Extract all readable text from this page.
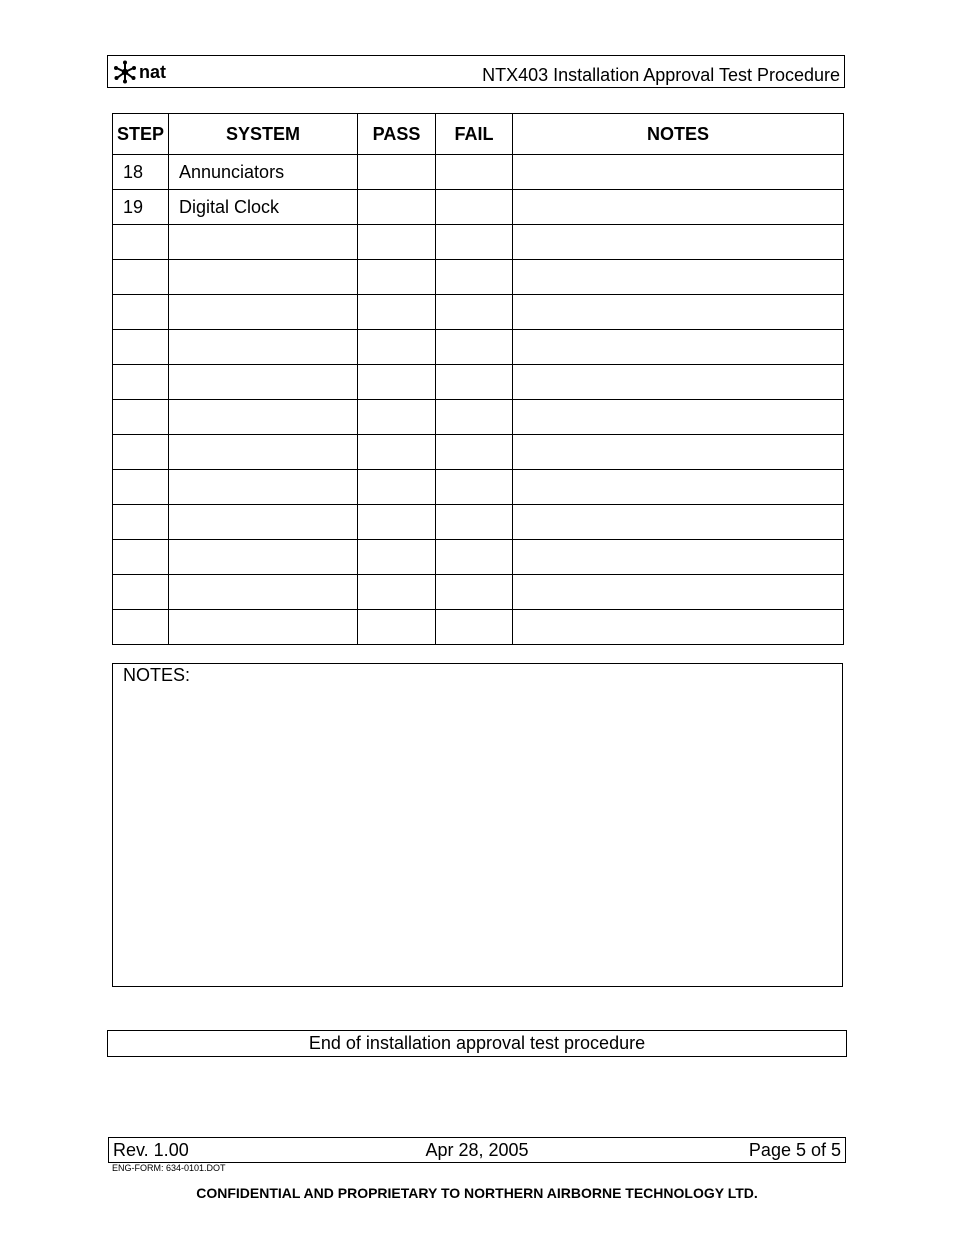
nat	NTX403 Installation Approval Test Procedure
STEP	SYSTEM	PASS	FAIL	NOTES
18	Annunciators			
19	Digital Clock			

NOTES:
End of installation approval test procedure
Rev. 1.00	Apr 28, 2005	Page 5 of 5
ENG-FORM: 634-0101.DOT
CONFIDENTIAL AND PROPRIETARY TO NORTHERN AIRBORNE TECHNOLOGY LTD.
